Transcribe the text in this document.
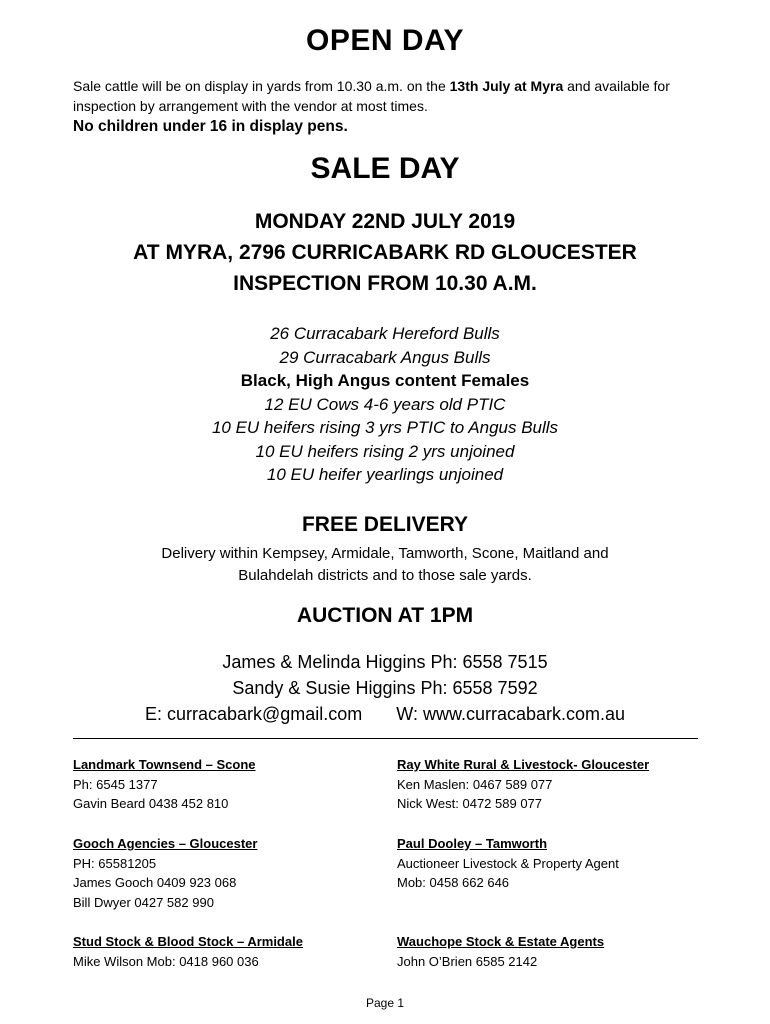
OPEN DAY
Sale cattle will be on display in yards from 10.30 a.m. on the 13th July at Myra and available for inspection by arrangement with the vendor at most times.
No children under 16 in display pens.
SALE DAY
MONDAY 22ND JULY 2019
AT MYRA, 2796 CURRICABARK RD GLOUCESTER
INSPECTION FROM 10.30 A.M.
26 Curracabark Hereford Bulls
29 Curracabark Angus Bulls
Black, High Angus content Females
12 EU Cows 4-6 years old PTIC
10 EU heifers rising 3 yrs PTIC to Angus Bulls
10 EU heifers rising 2 yrs unjoined
10 EU heifer yearlings unjoined
FREE DELIVERY
Delivery within Kempsey, Armidale, Tamworth, Scone, Maitland and
Bulahdelah districts and to those sale yards.
AUCTION AT 1PM
James & Melinda Higgins Ph: 6558 7515
Sandy & Susie Higgins Ph: 6558 7592
E: curracabark@gmail.com W: www.curracabark.com.au
Landmark Townsend – Scone
Ph: 6545 1377
Gavin Beard 0438 452 810
Ray White Rural & Livestock- Gloucester
Ken Maslen: 0467 589 077
Nick West: 0472 589 077
Gooch Agencies – Gloucester
PH: 65581205
James Gooch 0409 923 068
Bill Dwyer 0427 582 990
Paul Dooley – Tamworth
Auctioneer Livestock & Property Agent
Mob: 0458 662 646
Stud Stock & Blood Stock – Armidale
Mike Wilson Mob: 0418 960 036
Wauchope Stock & Estate Agents
John O’Brien 6585 2142
Page 1
